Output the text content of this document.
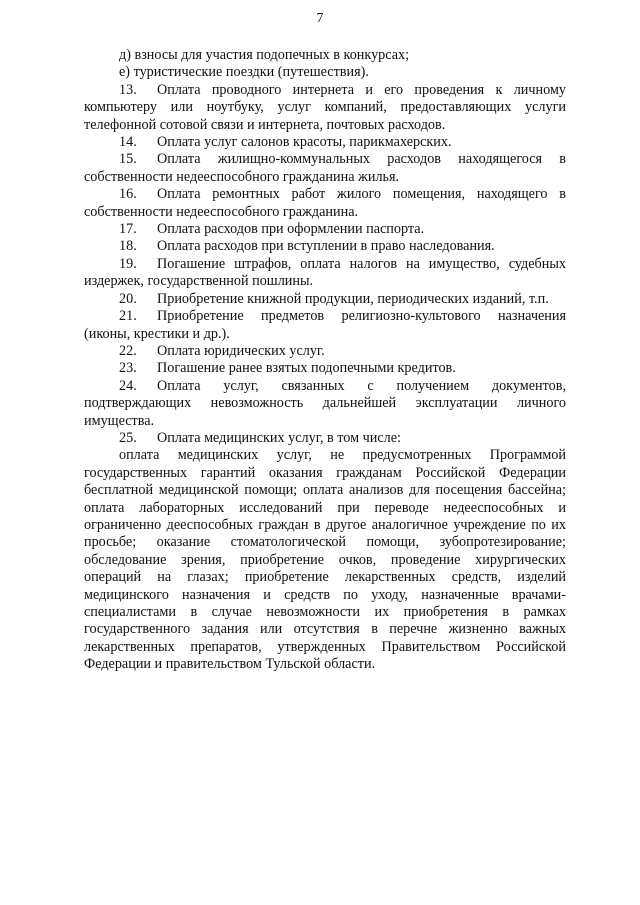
7

д) взносы для участия подопечных в конкурсах;

е) туристические поездки (путешествия).

13. Оплата проводного интернета и его проведения к личному компьютеру или ноутбуку, услуг компаний, предоставляющих услуги телефонной сотовой связи и интернета, почтовых расходов.

14. Оплата услуг салонов красоты, парикмахерских.

15. Оплата жилищно-коммунальных расходов находящегося в собственности недееспособного гражданина жилья.

16. Оплата ремонтных работ жилого помещения, находящего в собственности недееспособного гражданина.

17. Оплата расходов при оформлении паспорта.

18. Оплата расходов при вступлении в право наследования.

19. Погашение штрафов, оплата налогов на имущество, судебных издержек, государственной пошлины.

20. Приобретение книжной продукции, периодических изданий, т.п.

21. Приобретение предметов религиозно-культового назначения (иконы, крестики и др.).

22. Оплата юридических услуг.

23. Погашение ранее взятых подопечными кредитов.

24. Оплата услуг, связанных с получением документов, подтверждающих невозможность дальнейшей эксплуатации личного имущества.

25. Оплата медицинских услуг, в том числе:

оплата медицинских услуг, не предусмотренных Программой государственных гарантий оказания гражданам Российской Федерации бесплатной медицинской помощи; оплата анализов для посещения бассейна; оплата лабораторных исследований при переводе недееспособных и ограниченно дееспособных граждан в другое аналогичное учреждение по их просьбе; оказание стоматологической помощи, зубопротезирование; обследование зрения, приобретение очков, проведение хирургических операций на глазах; приобретение лекарственных средств, изделий медицинского назначения и средств по уходу, назначенные врачами-специалистами в случае невозможности их приобретения в рамках государственного задания или отсутствия в перечне жизненно важных лекарственных препаратов, утвержденных Правительством Российской Федерации и правительством Тульской области.
